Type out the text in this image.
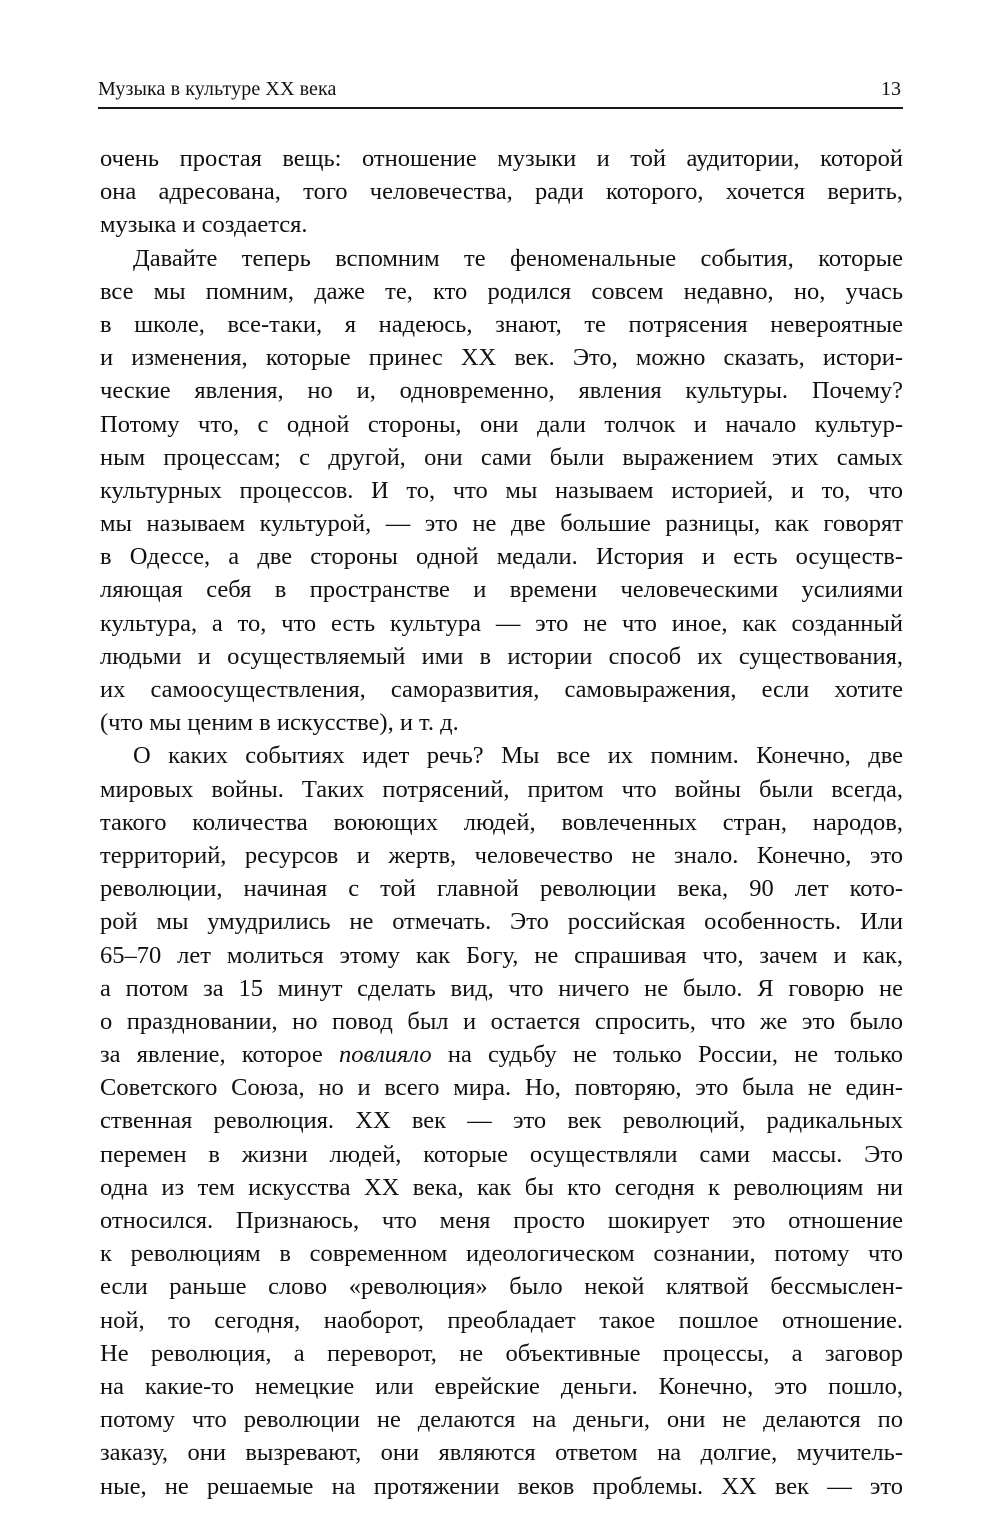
Музыка в культуре XX века	13
очень простая вещь: отношение музыки и той аудитории, которой
она адресована, того человечества, ради которого, хочется верить,
музыка и создается.
Давайте теперь вспомним те феноменальные события, которые
все мы помним, даже те, кто родился совсем недавно, но, учась
в школе, все-таки, я надеюсь, знают, те потрясения невероятные
и изменения, которые принес XX век. Это, можно сказать, истори-
ческие явления, но и, одновременно, явления культуры. Почему?
Потому что, с одной стороны, они дали толчок и начало культур-
ным процессам; с другой, они сами были выражением этих самых
культурных процессов. И то, что мы называем историей, и то, что
мы называем культурой, — это не две большие разницы, как говорят
в Одессе, а две стороны одной медали. История и есть осуществ-
ляющая себя в пространстве и времени человеческими усилиями
культура, а то, что есть культура — это не что иное, как созданный
людьми и осуществляемый ими в истории способ их существования,
их самоосуществления, саморазвития, самовыражения, если хотите
(что мы ценим в искусстве), и т. д.
О каких событиях идет речь? Мы все их помним. Конечно, две
мировых войны. Таких потрясений, притом что войны были всегда,
такого количества воюющих людей, вовлеченных стран, народов,
территорий, ресурсов и жертв, человечество не знало. Конечно, это
революции, начиная с той главной революции века, 90 лет кото-
рой мы умудрились не отмечать. Это российская особенность. Или
65–70 лет молиться этому как Богу, не спрашивая что, зачем и как,
а потом за 15 минут сделать вид, что ничего не было. Я говорю не
о праздновании, но повод был и остается спросить, что же это было
за явление, которое повлияло на судьбу не только России, не только
Советского Союза, но и всего мира. Но, повторяю, это была не един-
ственная революция. XX век — это век революций, радикальных
перемен в жизни людей, которые осуществляли сами массы. Это
одна из тем искусства XX века, как бы кто сегодня к революциям ни
относился. Признаюсь, что меня просто шокирует это отношение
к революциям в современном идеологическом сознании, потому что
если раньше слово «революция» было некой клятвой бессмыслен-
ной, то сегодня, наоборот, преобладает такое пошлое отношение.
Не революция, а переворот, не объективные процессы, а заговор
на какие-то немецкие или еврейские деньги. Конечно, это пошло,
потому что революции не делаются на деньги, они не делаются по
заказу, они вызревают, они являются ответом на долгие, мучитель-
ные, не решаемые на протяжении веков проблемы. XX век — это
